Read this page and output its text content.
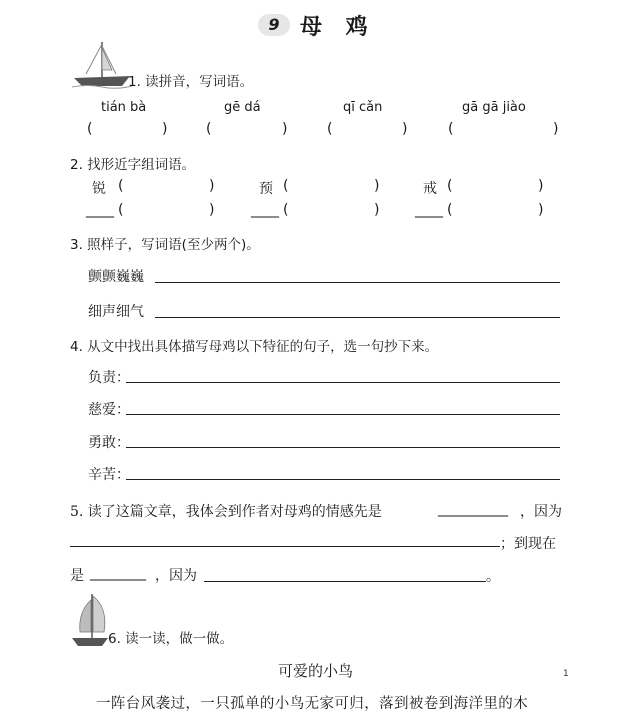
9 母 鸡
1. 读拼音，写词语。
tián bà	gē dá	qī cǎn	gā gā jiào
(	)	(	)	(	)	(	)
2. 找形近字组词语。
锐 (	)	预 (	)	戒 (	)
____ (	)	____ (	)	____ (	)
3. 照样子，写词语(至少两个)。
颤颤巍巍
细声细气
4. 从文中找出具体描写母鸡以下特征的句子，选一句抄下来。
负责：
慈爱：
勇敢：
辛苦：
5. 读了这篇文章，我体会到作者对母鸡的情感先是	__________ ，因为
；到现在
是 ________ ，因为	。
6. 读一读，做一做。
可爱的小鸟
一阵台风袭过，一只孤单的小鸟无家可归，落到被卷到海洋里的木
1
